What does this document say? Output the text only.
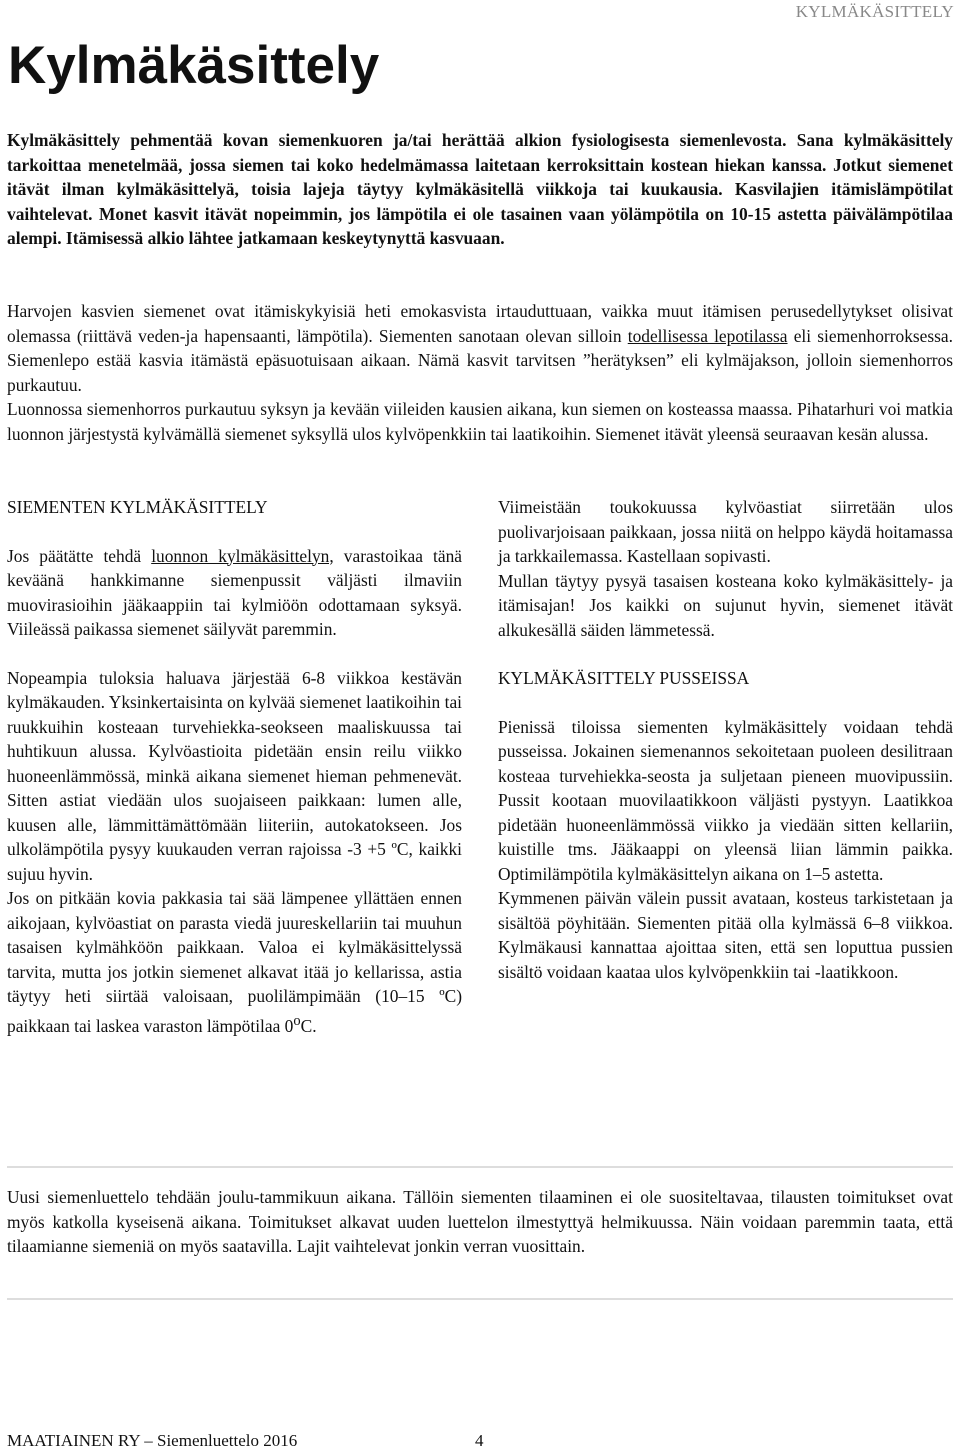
KYLMÄKÄSITTELY
Kylmäkäsittely

Kylmäkäsittely pehmentää kovan siemenkuoren ja/tai herättää alkion fysiologisesta siemenlevosta. Sana kylmäkäsittely tarkoittaa menetelmää, jossa siemen tai koko hedelmämassa laitetaan kerroksittain kostean hiekan kanssa. Jotkut siemenet itävät ilman kylmäkäsittelyä, toisia lajeja täytyy kylmäkäsitellä viikkoja tai kuukausia. Kasvilajien itämislämpötilat vaihtelevat. Monet kasvit itävät nopeimmin, jos lämpötila ei ole tasainen vaan yölämpötila on 10-15 astetta päivälämpötilaa alempi. Itämisessä alkio lähtee jatkamaan keskeytynyttä kasvuaan.

Harvojen kasvien siemenet ovat itämiskykyisiä heti emokasvista irtauduttuaan, vaikka muut itämisen perusedellytykset olisivat olemassa (riittävä veden-ja hapensaanti, lämpötila). Siementen sanotaan olevan silloin todellisessa lepotilassa eli siemenhorroksessa. Siemenlepo estää kasvia itämästä epäsuotuisaan aikaan. Nämä kasvit tarvitsen ”herätyksen” eli kylmäjakson, jolloin siemenhorros purkautuu.

Luonnossa siemenhorros purkautuu syksyn ja kevään viileiden kausien aikana, kun siemen on kosteassa maassa. Pihatarhuri voi matkia luonnon järjestystä kylvämällä siemenet syksyllä ulos kylvöpenkkiin tai laatikoihin. Siemenet itävät yleensä seuraavan kesän alussa.

SIEMENTEN KYLMÄKÄSITTELY

Jos päätätte tehdä luonnon kylmäkäsittelyn, varastoikaa tänä keväänä hankkimanne siemenpussit väljästi ilmaviin muovirasioihin jääkaappiin tai kylmiöön odottamaan syksyä. Viileässä paikassa siemenet säilyvät paremmin.

Nopeampia tuloksia haluava järjestää 6-8 viikkoa kestävän kylmäkauden. Yksinkertaisinta on kylvää siemenet laatikoihin tai ruukkuihin kosteaan turvehiekka-seokseen maaliskuussa tai huhtikuun alussa. Kylvöastioita pidetään ensin reilu viikko huoneenlämmössä, minkä aikana siemenet hieman pehmenevät. Sitten astiat viedään ulos suojaiseen paikkaan: lumen alle, kuusen alle, lämmittämättömään liiteriin, autokatokseen. Jos ulkolämpötila pysyy kuukauden verran rajoissa -3 +5 ºC, kaikki sujuu hyvin.

Jos on pitkään kovia pakkasia tai sää lämpenee yllättäen ennen aikojaan, kylvöastiat on parasta viedä juureskellariin tai muuhun tasaisen kylmähköön paikkaan. Valoa ei kylmäkäsittelyssä tarvita, mutta jos jotkin siemenet alkavat itää jo kellarissa, astia täytyy heti siirtää valoisaan, puolilämpimään (10–15 ºC) paikkaan tai laskea varaston lämpötilaa 0$^o$C.

Viimeistään toukokuussa kylvöastiat siirretään ulos puolivarjoisaan paikkaan, jossa niitä on helppo käydä hoitamassa ja tarkkailemassa. Kastellaan sopivasti.

Mullan täytyy pysyä tasaisen kosteana koko kylmäkäsittely- ja itämisajan! Jos kaikki on sujunut hyvin, siemenet itävät alkukesällä säiden lämmetessä.

KYLMÄKÄSITTELY PUSSEISSA

Pienissä tiloissa siementen kylmäkäsittely voidaan tehdä pusseissa. Jokainen siemenannos sekoitetaan puoleen desilitraan kosteaa turvehiekka-seosta ja suljetaan pieneen muovipussiin. Pussit kootaan muovilaatikkoon väljästi pystyyn. Laatikkoa pidetään huoneenlämmössä viikko ja viedään sitten kellariin, kuistille tms. Jääkaappi on yleensä liian lämmin paikka. Optimilämpötila kylmäkäsittelyn aikana on 1–5 astetta.

Kymmenen päivän välein pussit avataan, kosteus tarkistetaan ja sisältöä pöyhitään. Siementen pitää olla kylmässä 6–8 viikkoa. Kylmäkausi kannattaa ajoittaa siten, että sen loputtua pussien sisältö voidaan kaataa ulos kylvöpenkkiin tai -laatikkoon.

Uusi siemenluettelo tehdään joulu-tammikuun aikana. Tällöin siementen tilaaminen ei ole suositeltavaa, tilausten toimitukset ovat myös katkolla kyseisenä aikana. Toimitukset alkavat uuden luettelon ilmestyttyä helmikuussa. Näin voidaan paremmin taata, että tilaamianne siemeniä on myös saatavilla. Lajit vaihtelevat jonkin verran vuosittain.

MAATIAINEN RY – Siemenluettelo 2016	4
